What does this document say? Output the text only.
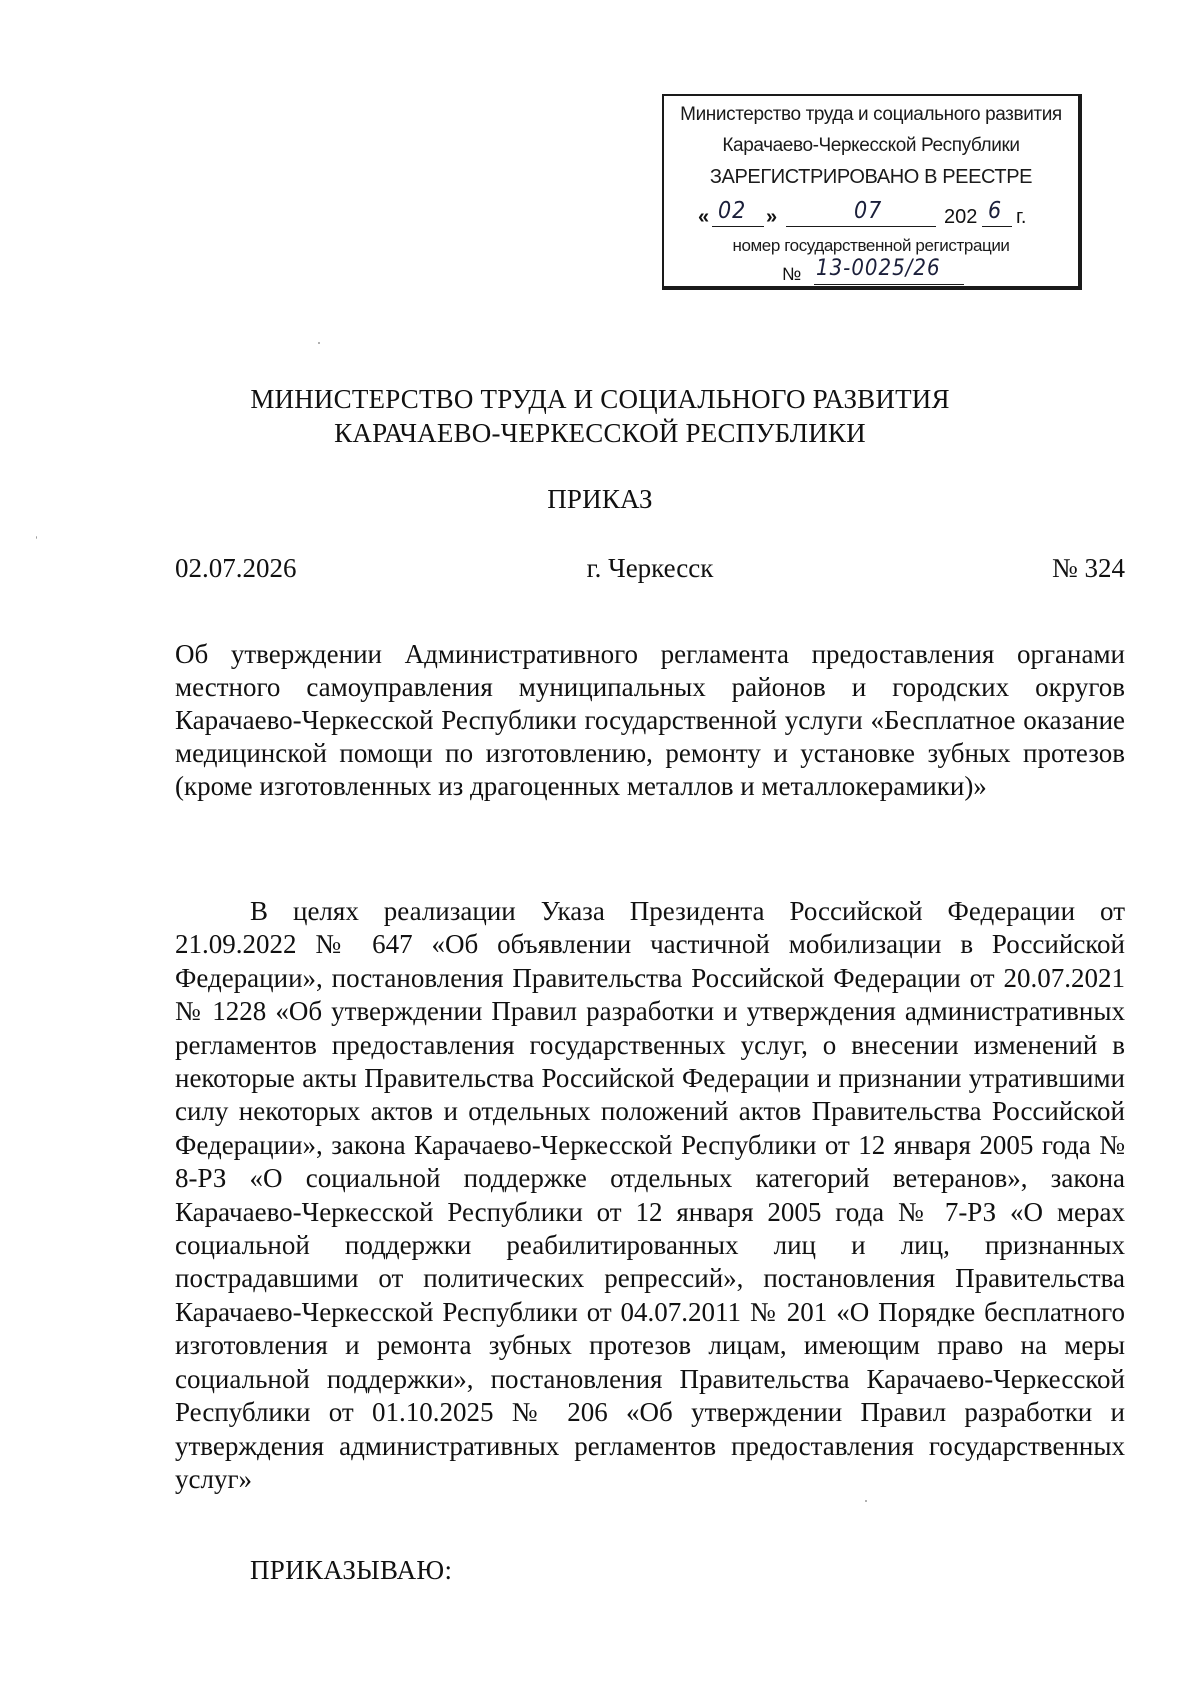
Министерство труда и социального развития
Карачаево-Черкесской Республики
ЗАРЕГИСТРИРОВАНО В РЕЕСТРЕ
« 02 »	07	202 6 г.
номер государственной регистрации
№ 13-0025/26
МИНИСТЕРСТВО ТРУДА И СОЦИАЛЬНОГО РАЗВИТИЯ
КАРАЧАЕВО-ЧЕРКЕССКОЙ РЕСПУБЛИКИ
ПРИКАЗ
02.07.2026	г. Черкесск	№ 324
Об утверждении Административного регламента предоставления органами местного самоуправления муниципальных районов и городских округов Карачаево-Черкесской Республики государственной услуги «Бесплатное оказание медицинской помощи по изготовлению, ремонту и установке зубных протезов (кроме изготовленных из драгоценных металлов и металлокерамики)»
В целях реализации Указа Президента Российской Федерации от 21.09.2022 № 647 «Об объявлении частичной мобилизации в Российской Федерации», постановления Правительства Российской Федерации от 20.07.2021 № 1228 «Об утверждении Правил разработки и утверждения административных регламентов предоставления государственных услуг, о внесении изменений в некоторые акты Правительства Российской Федерации и признании утратившими силу некоторых актов и отдельных положений актов Правительства Российской Федерации», закона Карачаево-Черкесской Республики от 12 января 2005 года № 8-РЗ «О социальной поддержке отдельных категорий ветеранов», закона Карачаево-Черкесской Республики от 12 января 2005 года № 7-РЗ «О мерах социальной поддержки реабилитированных лиц и лиц, признанных пострадавшими от политических репрессий», постановления Правительства Карачаево-Черкесской Республики от 04.07.2011 № 201 «О Порядке бесплатного изготовления и ремонта зубных протезов лицам, имеющим право на меры социальной поддержки», постановления Правительства Карачаево-Черкесской Республики от 01.10.2025 № 206 «Об утверждении Правил разработки и утверждения административных регламентов предоставления государственных услуг»
ПРИКАЗЫВАЮ:
